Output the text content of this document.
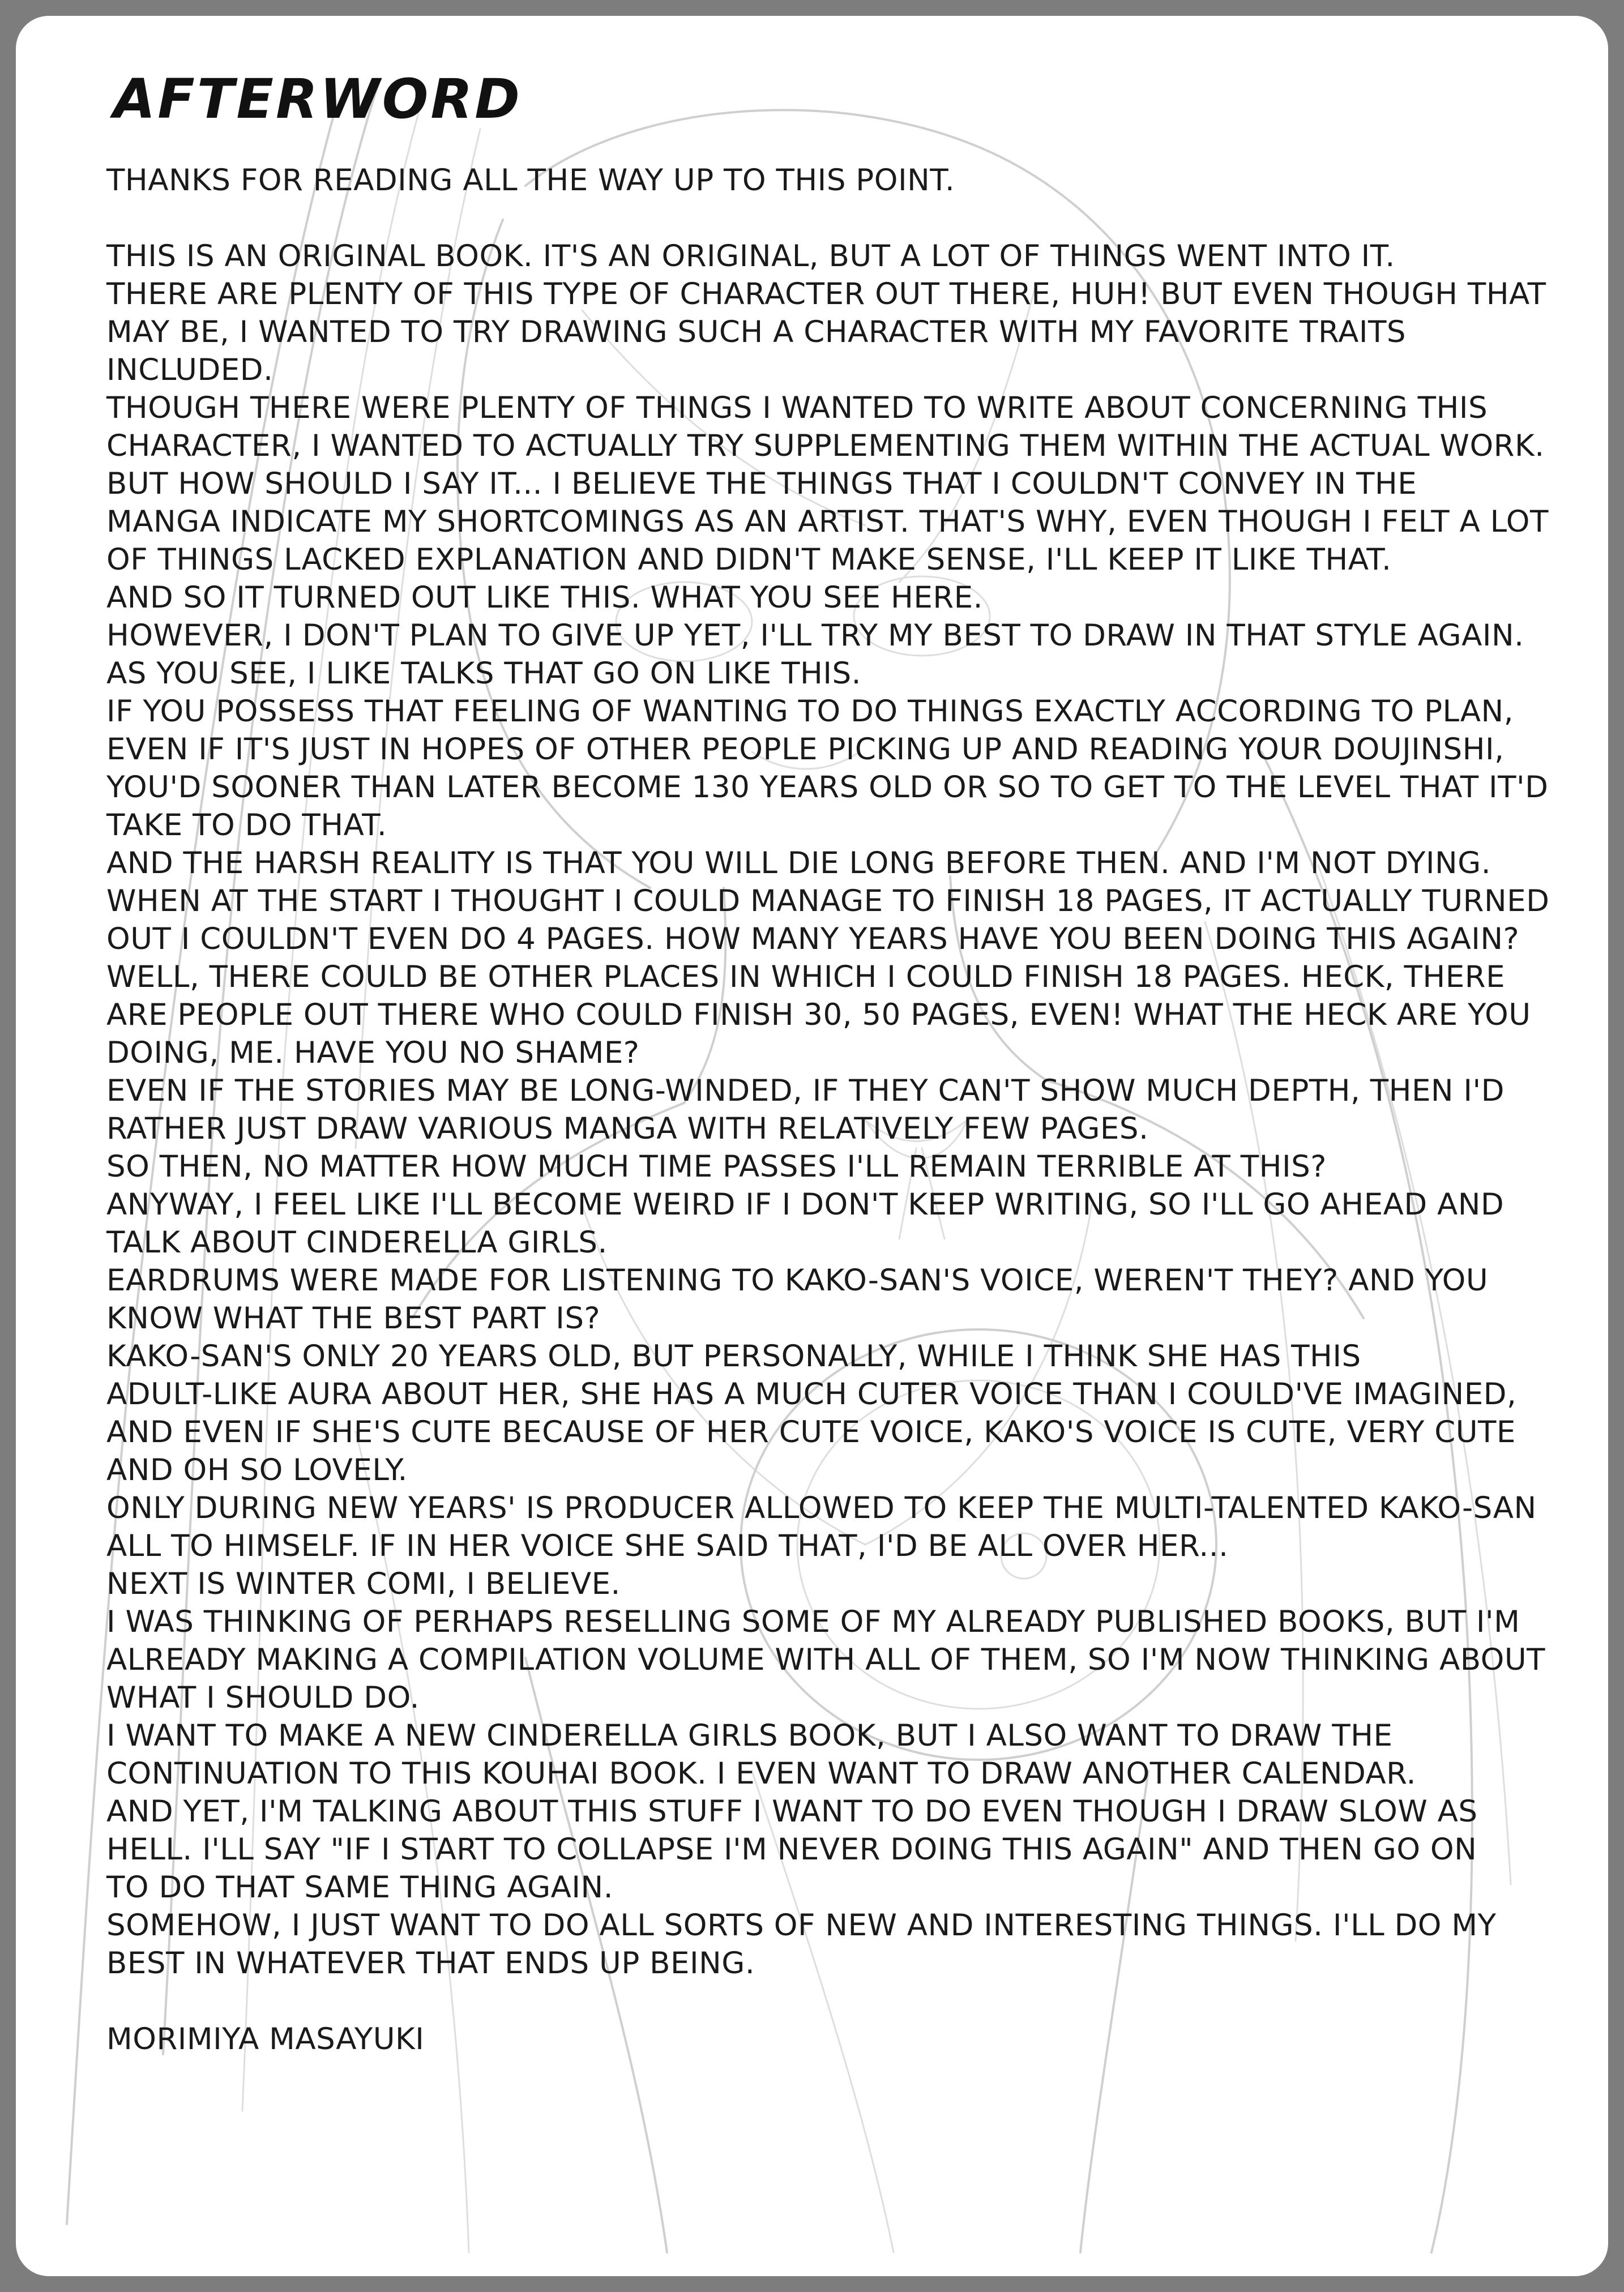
AFTERWORD

THANKS FOR READING ALL THE WAY UP TO THIS POINT.

THIS IS AN ORIGINAL BOOK. IT'S AN ORIGINAL, BUT A LOT OF THINGS WENT INTO IT.

THERE ARE PLENTY OF THIS TYPE OF CHARACTER OUT THERE, HUH! BUT EVEN THOUGH THAT

MAY BE, I WANTED TO TRY DRAWING SUCH A CHARACTER WITH MY FAVORITE TRAITS

INCLUDED.

THOUGH THERE WERE PLENTY OF THINGS I WANTED TO WRITE ABOUT CONCERNING THIS

CHARACTER, I WANTED TO ACTUALLY TRY SUPPLEMENTING THEM WITHIN THE ACTUAL WORK.

BUT HOW SHOULD I SAY IT... I BELIEVE THE THINGS THAT I COULDN'T CONVEY IN THE

MANGA INDICATE MY SHORTCOMINGS AS AN ARTIST. THAT'S WHY, EVEN THOUGH I FELT A LOT

OF THINGS LACKED EXPLANATION AND DIDN'T MAKE SENSE, I'LL KEEP IT LIKE THAT.

AND SO IT TURNED OUT LIKE THIS. WHAT YOU SEE HERE.

HOWEVER, I DON'T PLAN TO GIVE UP YET, I'LL TRY MY BEST TO DRAW IN THAT STYLE AGAIN.

AS YOU SEE, I LIKE TALKS THAT GO ON LIKE THIS.

IF YOU POSSESS THAT FEELING OF WANTING TO DO THINGS EXACTLY ACCORDING TO PLAN,

EVEN IF IT'S JUST IN HOPES OF OTHER PEOPLE PICKING UP AND READING YOUR DOUJINSHI,

YOU'D SOONER THAN LATER BECOME 130 YEARS OLD OR SO TO GET TO THE LEVEL THAT IT'D

TAKE TO DO THAT.

AND THE HARSH REALITY IS THAT YOU WILL DIE LONG BEFORE THEN. AND I'M NOT DYING.

WHEN AT THE START I THOUGHT I COULD MANAGE TO FINISH 18 PAGES, IT ACTUALLY TURNED

OUT I COULDN'T EVEN DO 4 PAGES. HOW MANY YEARS HAVE YOU BEEN DOING THIS AGAIN?

WELL, THERE COULD BE OTHER PLACES IN WHICH I COULD FINISH 18 PAGES. HECK, THERE

ARE PEOPLE OUT THERE WHO COULD FINISH 30, 50 PAGES, EVEN! WHAT THE HECK ARE YOU

DOING, ME. HAVE YOU NO SHAME?

EVEN IF THE STORIES MAY BE LONG-WINDED, IF THEY CAN'T SHOW MUCH DEPTH, THEN I'D

RATHER JUST DRAW VARIOUS MANGA WITH RELATIVELY FEW PAGES.

SO THEN, NO MATTER HOW MUCH TIME PASSES I'LL REMAIN TERRIBLE AT THIS?

ANYWAY, I FEEL LIKE I'LL BECOME WEIRD IF I DON'T KEEP WRITING, SO I'LL GO AHEAD AND

TALK ABOUT CINDERELLA GIRLS.

EARDRUMS WERE MADE FOR LISTENING TO KAKO-SAN'S VOICE, WEREN'T THEY? AND YOU

KNOW WHAT THE BEST PART IS?

KAKO-SAN'S ONLY 20 YEARS OLD, BUT PERSONALLY, WHILE I THINK SHE HAS THIS

ADULT-LIKE AURA ABOUT HER, SHE HAS A MUCH CUTER VOICE THAN I COULD'VE IMAGINED,

AND EVEN IF SHE'S CUTE BECAUSE OF HER CUTE VOICE, KAKO'S VOICE IS CUTE, VERY CUTE

AND OH SO LOVELY.

ONLY DURING NEW YEARS' IS PRODUCER ALLOWED TO KEEP THE MULTI-TALENTED KAKO-SAN

ALL TO HIMSELF. IF IN HER VOICE SHE SAID THAT, I'D BE ALL OVER HER...

NEXT IS WINTER COMI, I BELIEVE.

I WAS THINKING OF PERHAPS RESELLING SOME OF MY ALREADY PUBLISHED BOOKS, BUT I'M

ALREADY MAKING A COMPILATION VOLUME WITH ALL OF THEM, SO I'M NOW THINKING ABOUT

WHAT I SHOULD DO.

I WANT TO MAKE A NEW CINDERELLA GIRLS BOOK, BUT I ALSO WANT TO DRAW THE

CONTINUATION TO THIS KOUHAI BOOK. I EVEN WANT TO DRAW ANOTHER CALENDAR.

AND YET, I'M TALKING ABOUT THIS STUFF I WANT TO DO EVEN THOUGH I DRAW SLOW AS

HELL. I'LL SAY "IF I START TO COLLAPSE I'M NEVER DOING THIS AGAIN" AND THEN GO ON

TO DO THAT SAME THING AGAIN.

SOMEHOW, I JUST WANT TO DO ALL SORTS OF NEW AND INTERESTING THINGS. I'LL DO MY

BEST IN WHATEVER THAT ENDS UP BEING.

MORIMIYA MASAYUKI
